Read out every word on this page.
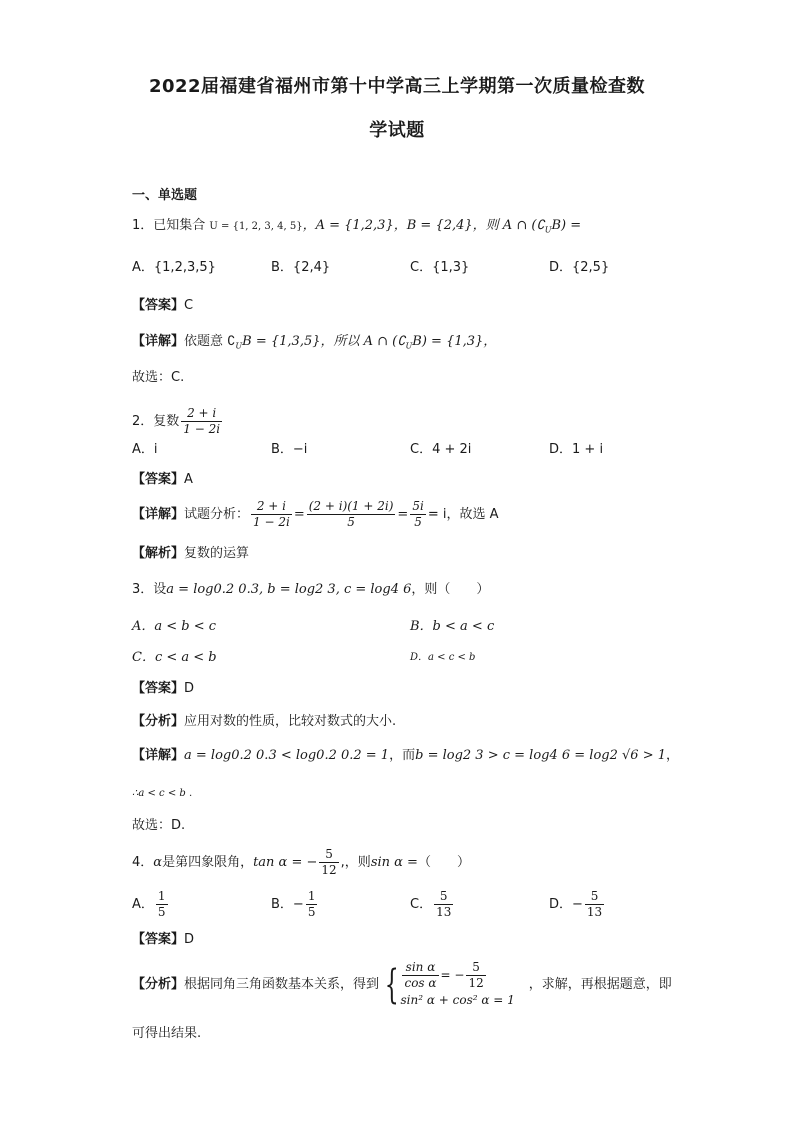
2022届福建省福州市第十中学高三上学期第一次质量检查数
学试题
一、单选题
1．已知集合 U = {1, 2, 3, 4, 5}，A = {1,2,3}，B = {2,4}，则 A ∩ $(∁_UB)$ =
A．{1,2,3,5}	B．{2,4}	C．{1,3}	D．{2,5}
【答案】C
【详解】依题意 $∁_UB = \{1,3,5\}$，所以 A ∩ $(∁_UB) = \{1,3\}$，
故选：C.
2．复数 $\frac{2 + i}{1 - 2i}$
A．i	B．−i	C．4 + 2i	D．1 + i
【答案】A
【详解】试题分析： $\frac{2 + i}{1 - 2i} = \frac{(2 + i)(1 + 2i)}{5} = \frac{5i}{5} = i$，故选 A
【解析】复数的运算
3．设a = log0.2 0.3, b = log2 3, c = log4 6，则（　　）
A．a < b < c	B．b < a < c
C．c < a < b	D．a < c < b
【答案】D
【分析】应用对数的性质，比较对数式的大小.
【详解】a = log0.2 0.3 < log0.2 0.2 = 1，而b = log2 3 > c = log4 6 = log2 √6 > 1，
∴a < c < b .
故选：D.
4．α是第四象限角，tan α = − $\frac{5}{12}$ ,，则sin α =（　　）
A． $\frac{1}{5}$	B．− $\frac{1}{5}$	C． $\frac{5}{13}$	D．− $\frac{5}{13}$
【答案】D
【分析】根据同角三角函数基本关系，得到 { $\frac{\text{sin α}}{\text{cos α}}$ = − $\frac{5}{12}$
sin² α + cos² α = 1
，求解，再根据题意，即
可得出结果.
